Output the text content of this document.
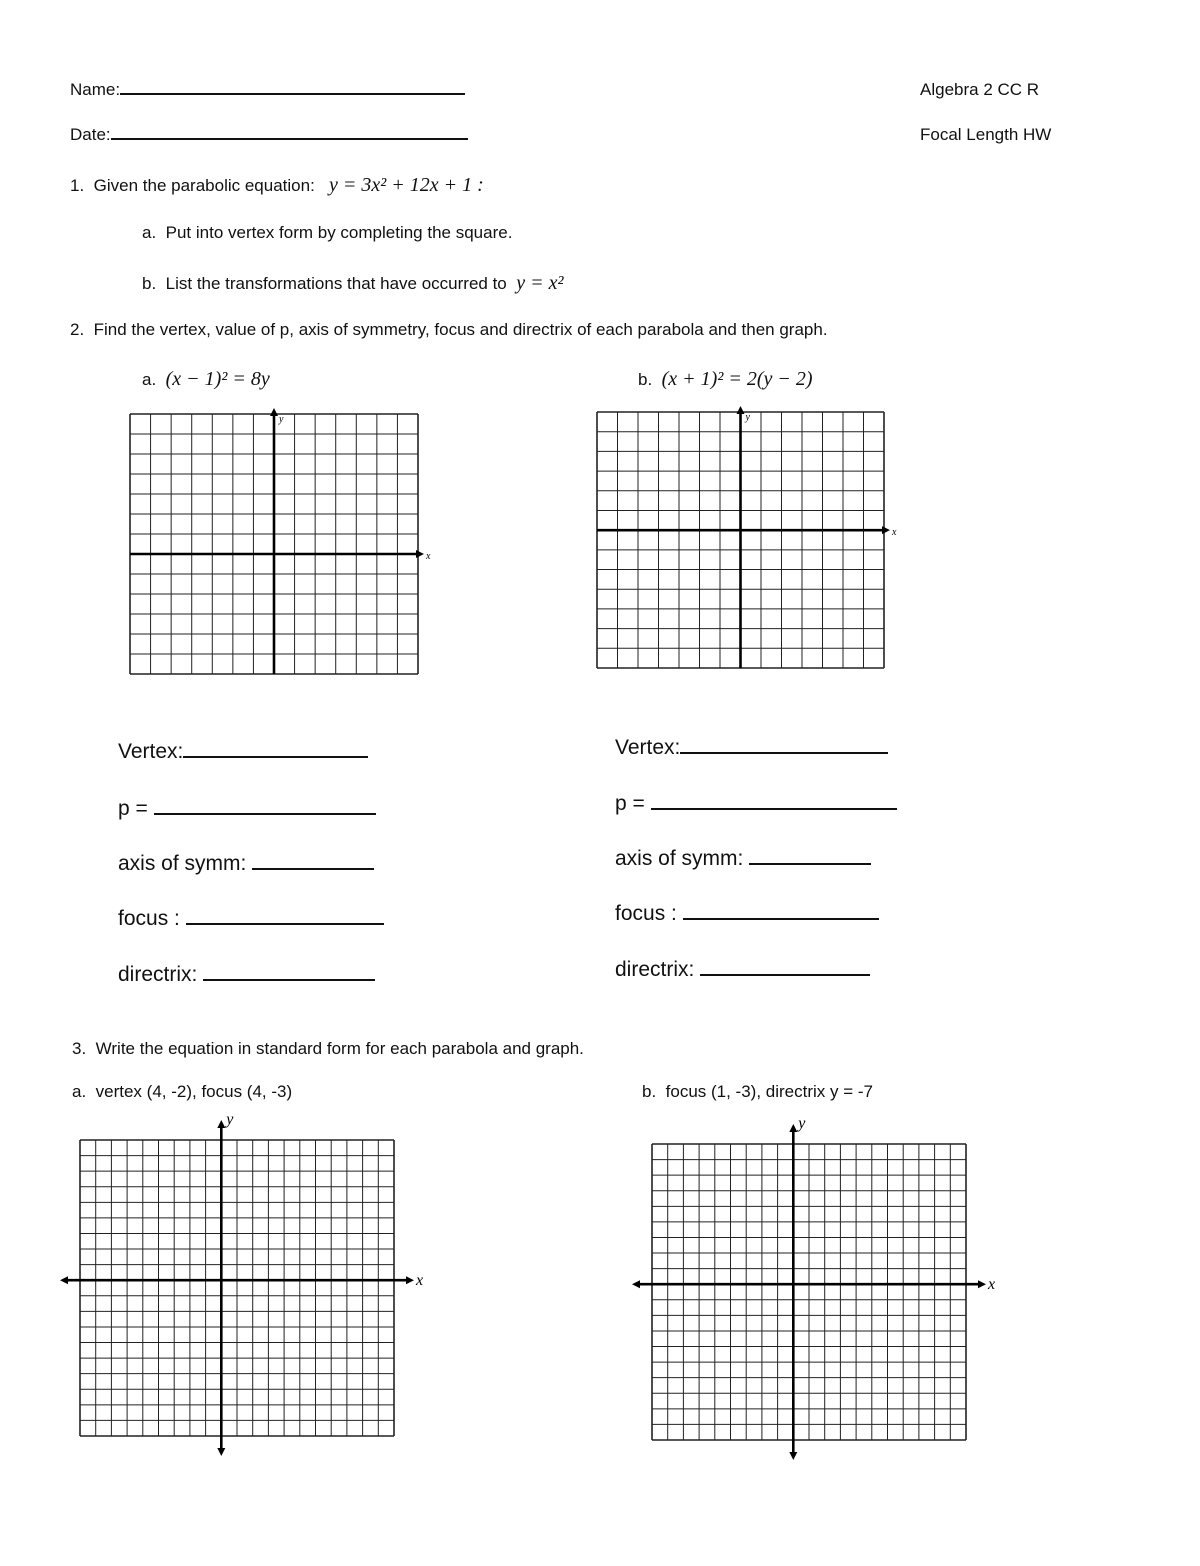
Name:	Algebra 2 CC R
Date:	Focal Length HW
1. Given the parabolic equation: y = 3x² + 12x + 1 :
a. Put into vertex form by completing the square.
b. List the transformations that have occurred to y = x²
2. Find the vertex, value of p, axis of symmetry, focus and directrix of each parabola and then graph.
a. (x − 1)² = 8y	b. (x + 1)² = 2(y − 2)
x
y
x
y
Vertex:
p =
axis of symm:
focus :
directrix:
Vertex:
p =
axis of symm:
focus :
directrix:
3. Write the equation in standard form for each parabola and graph.
a. vertex (4, -2), focus (4, -3)	b. focus (1, -3), directrix y = -7
x
y
x
y
